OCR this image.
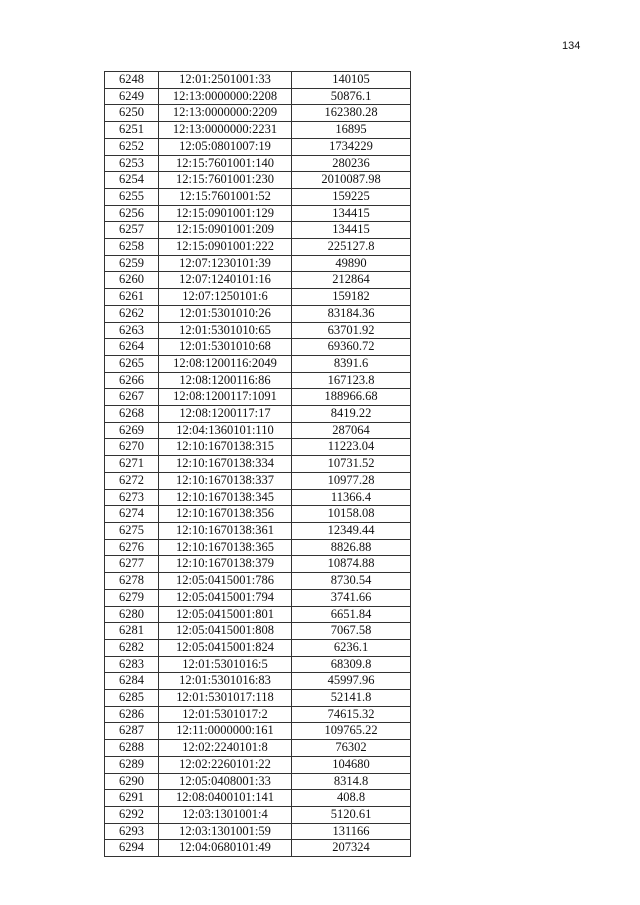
134
6248	12:01:2501001:33	140105
6249	12:13:0000000:2208	50876.1
6250	12:13:0000000:2209	162380.28
6251	12:13:0000000:2231	16895
6252	12:05:0801007:19	1734229
6253	12:15:7601001:140	280236
6254	12:15:7601001:230	2010087.98
6255	12:15:7601001:52	159225
6256	12:15:0901001:129	134415
6257	12:15:0901001:209	134415
6258	12:15:0901001:222	225127.8
6259	12:07:1230101:39	49890
6260	12:07:1240101:16	212864
6261	12:07:1250101:6	159182
6262	12:01:5301010:26	83184.36
6263	12:01:5301010:65	63701.92
6264	12:01:5301010:68	69360.72
6265	12:08:1200116:2049	8391.6
6266	12:08:1200116:86	167123.8
6267	12:08:1200117:1091	188966.68
6268	12:08:1200117:17	8419.22
6269	12:04:1360101:110	287064
6270	12:10:1670138:315	11223.04
6271	12:10:1670138:334	10731.52
6272	12:10:1670138:337	10977.28
6273	12:10:1670138:345	11366.4
6274	12:10:1670138:356	10158.08
6275	12:10:1670138:361	12349.44
6276	12:10:1670138:365	8826.88
6277	12:10:1670138:379	10874.88
6278	12:05:0415001:786	8730.54
6279	12:05:0415001:794	3741.66
6280	12:05:0415001:801	6651.84
6281	12:05:0415001:808	7067.58
6282	12:05:0415001:824	6236.1
6283	12:01:5301016:5	68309.8
6284	12:01:5301016:83	45997.96
6285	12:01:5301017:118	52141.8
6286	12:01:5301017:2	74615.32
6287	12:11:0000000:161	109765.22
6288	12:02:2240101:8	76302
6289	12:02:2260101:22	104680
6290	12:05:0408001:33	8314.8
6291	12:08:0400101:141	408.8
6292	12:03:1301001:4	5120.61
6293	12:03:1301001:59	131166
6294	12:04:0680101:49	207324
